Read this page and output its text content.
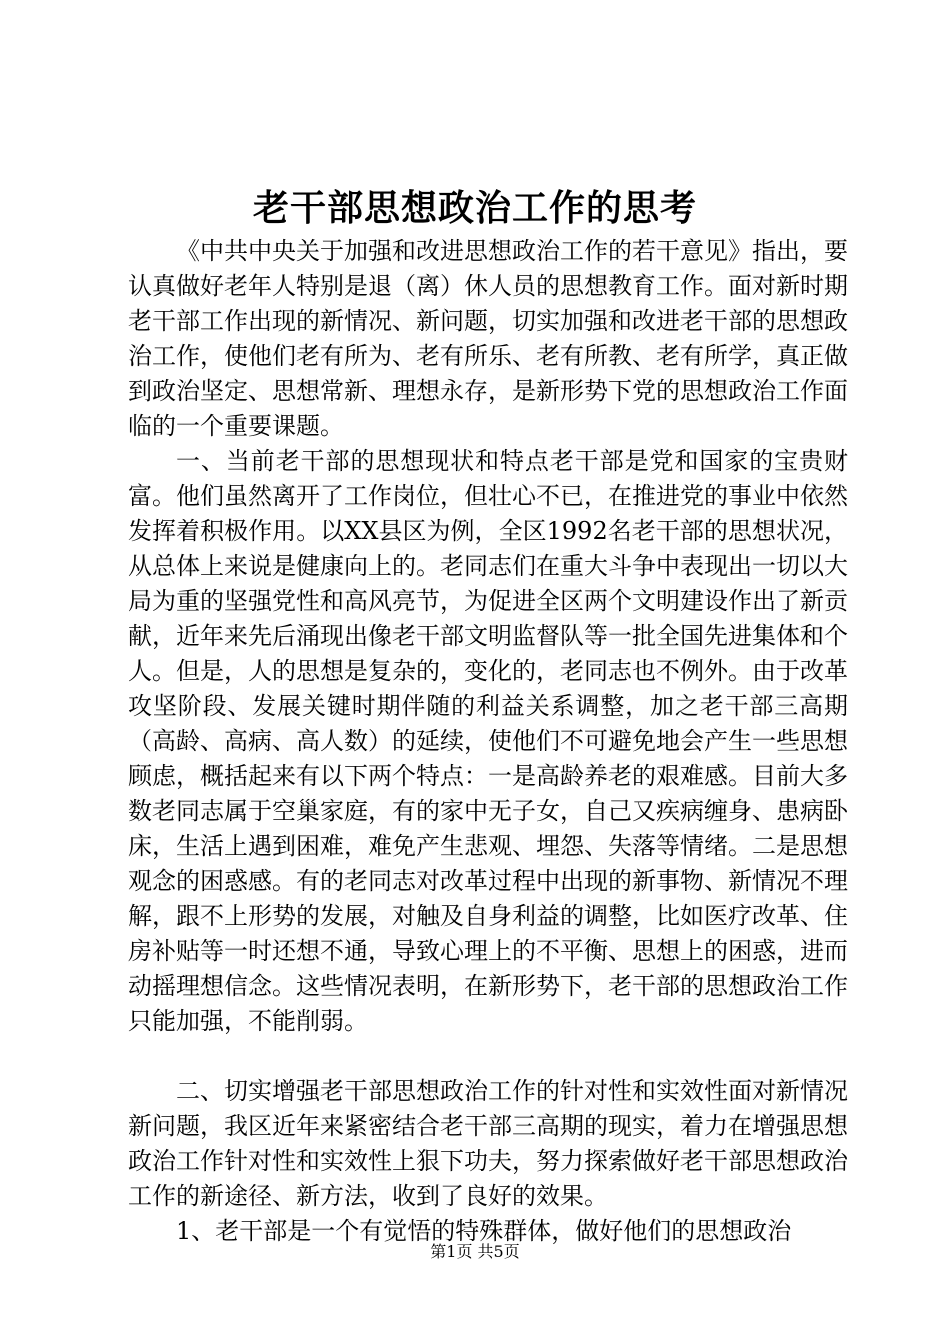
老干部思想政治工作的思考

《中共中央关于加强和改进思想政治工作的若干意见》指出，要认真做好老年人特别是退（离）休人员的思想教育工作。面对新时期老干部工作出现的新情况、新问题，切实加强和改进老干部的思想政治工作，使他们老有所为、老有所乐、老有所教、老有所学，真正做到政治坚定、思想常新、理想永存，是新形势下党的思想政治工作面临的一个重要课题。

一、当前老干部的思想现状和特点老干部是党和国家的宝贵财富。他们虽然离开了工作岗位，但壮心不已，在推进党的事业中依然发挥着积极作用。以XX县区为例，全区1992名老干部的思想状况，从总体上来说是健康向上的。老同志们在重大斗争中表现出一切以大局为重的坚强党性和高风亮节，为促进全区两个文明建设作出了新贡献，近年来先后涌现出像老干部文明监督队等一批全国先进集体和个人。但是，人的思想是复杂的，变化的，老同志也不例外。由于改革攻坚阶段、发展关键时期伴随的利益关系调整，加之老干部三高期（高龄、高病、高人数）的延续，使他们不可避免地会产生一些思想顾虑，概括起来有以下两个特点：一是高龄养老的艰难感。目前大多数老同志属于空巢家庭，有的家中无子女，自己又疾病缠身、患病卧床，生活上遇到困难，难免产生悲观、埋怨、失落等情绪。二是思想观念的困惑感。有的老同志对改革过程中出现的新事物、新情况不理解，跟不上形势的发展，对触及自身利益的调整，比如医疗改革、住房补贴等一时还想不通，导致心理上的不平衡、思想上的困惑，进而动摇理想信念。这些情况表明，在新形势下，老干部的思想政治工作只能加强，不能削弱。

二、切实增强老干部思想政治工作的针对性和实效性面对新情况新问题，我区近年来紧密结合老干部三高期的现实，着力在增强思想政治工作针对性和实效性上狠下功夫，努力探索做好老干部思想政治工作的新途径、新方法，收到了良好的效果。

1、老干部是一个有觉悟的特殊群体，做好他们的思想政治

第1页 共5页
